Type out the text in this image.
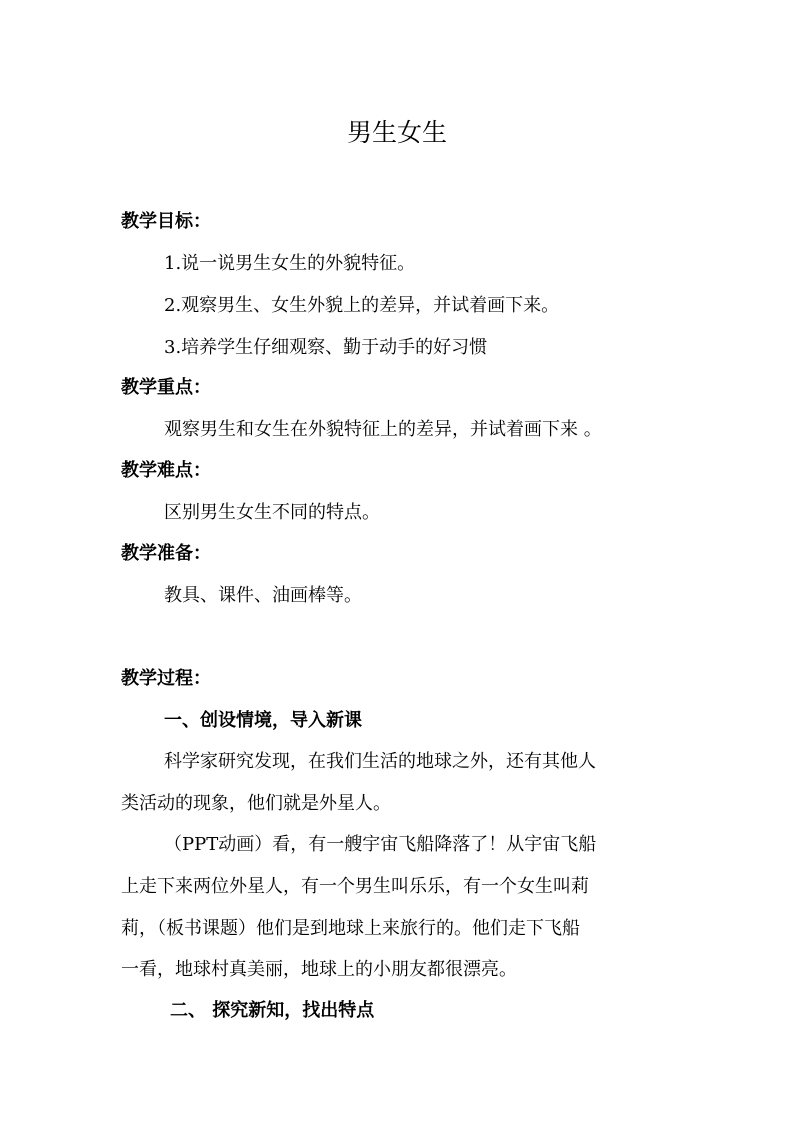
男生女生
教学目标：
1.说一说男生女生的外貌特征。
2.观察男生、女生外貌上的差异，并试着画下来。
3.培养学生仔细观察、勤于动手的好习惯
教学重点：
观察男生和女生在外貌特征上的差异，并试着画下来 。
教学难点：
区别男生女生不同的特点。
教学准备：
教具、课件、油画棒等。
教学过程：
一、创设情境，导入新课
科学家研究发现，在我们生活的地球之外，还有其他人
类活动的现象，他们就是外星人。
（PPT动画）看，有一艘宇宙飞船降落了！从宇宙飞船
上走下来两位外星人，有一个男生叫乐乐，有一个女生叫莉
莉，（板书课题）他们是到地球上来旅行的。他们走下飞船
一看，地球村真美丽，地球上的小朋友都很漂亮。
二、 探究新知，找出特点
